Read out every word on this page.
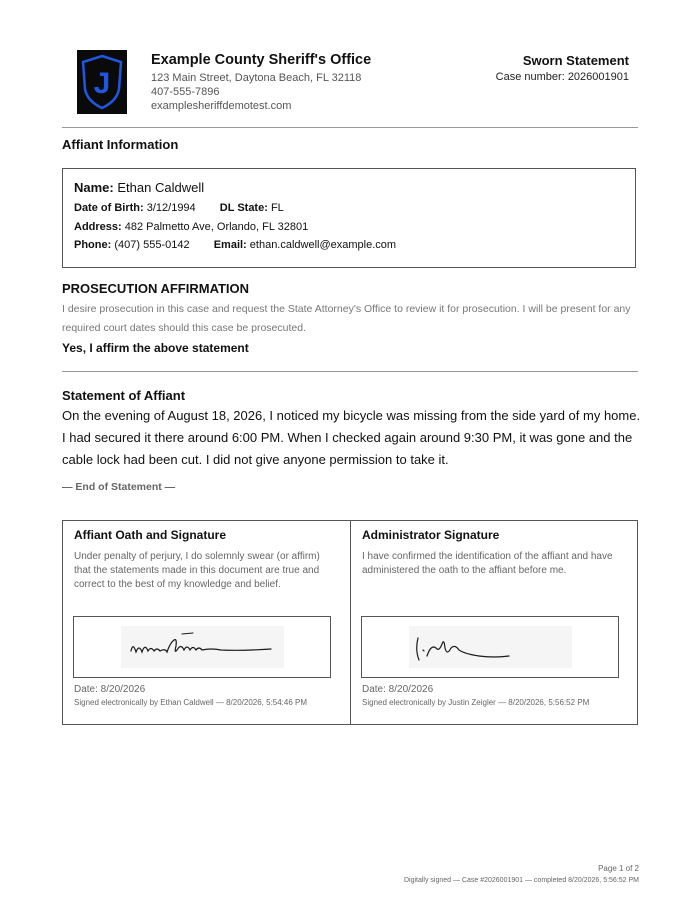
J
Example County Sheriff's Office
123 Main Street, Daytona Beach, FL 32118
407-555-7896
examplesheriffdemotest.com
Sworn Statement
Case number: 2026001901
Affiant Information
Name: Ethan Caldwell
Date of Birth: 3/12/1994 DL State: FL
Address: 482 Palmetto Ave, Orlando, FL 32801
Phone: (407) 555-0142 Email: ethan.caldwell@example.com
PROSECUTION AFFIRMATION
I desire prosecution in this case and request the State Attorney's Office to review it for prosecution. I will be present for any required court dates should this case be prosecuted.
Yes, I affirm the above statement
Statement of Affiant
On the evening of August 18, 2026, I noticed my bicycle was missing from the side yard of my home. I had secured it there around 6:00 PM. When I checked again around 9:30 PM, it was gone and the cable lock had been cut. I did not give anyone permission to take it.
— End of Statement —
Affiant Oath and Signature
Under penalty of perjury, I do solemnly swear (or affirm) that the statements made in this document are true and correct to the best of my knowledge and belief.
Date: 8/20/2026
Signed electronically by Ethan Caldwell — 8/20/2026, 5:54:46 PM
Administrator Signature
I have confirmed the identification of the affiant and have administered the oath to the affiant before me.
Date: 8/20/2026
Signed electronically by Justin Zeigler — 8/20/2026, 5:56:52 PM
Page 1 of 2
Digitally signed — Case #2026001901 — completed 8/20/2026, 5:56:52 PM
